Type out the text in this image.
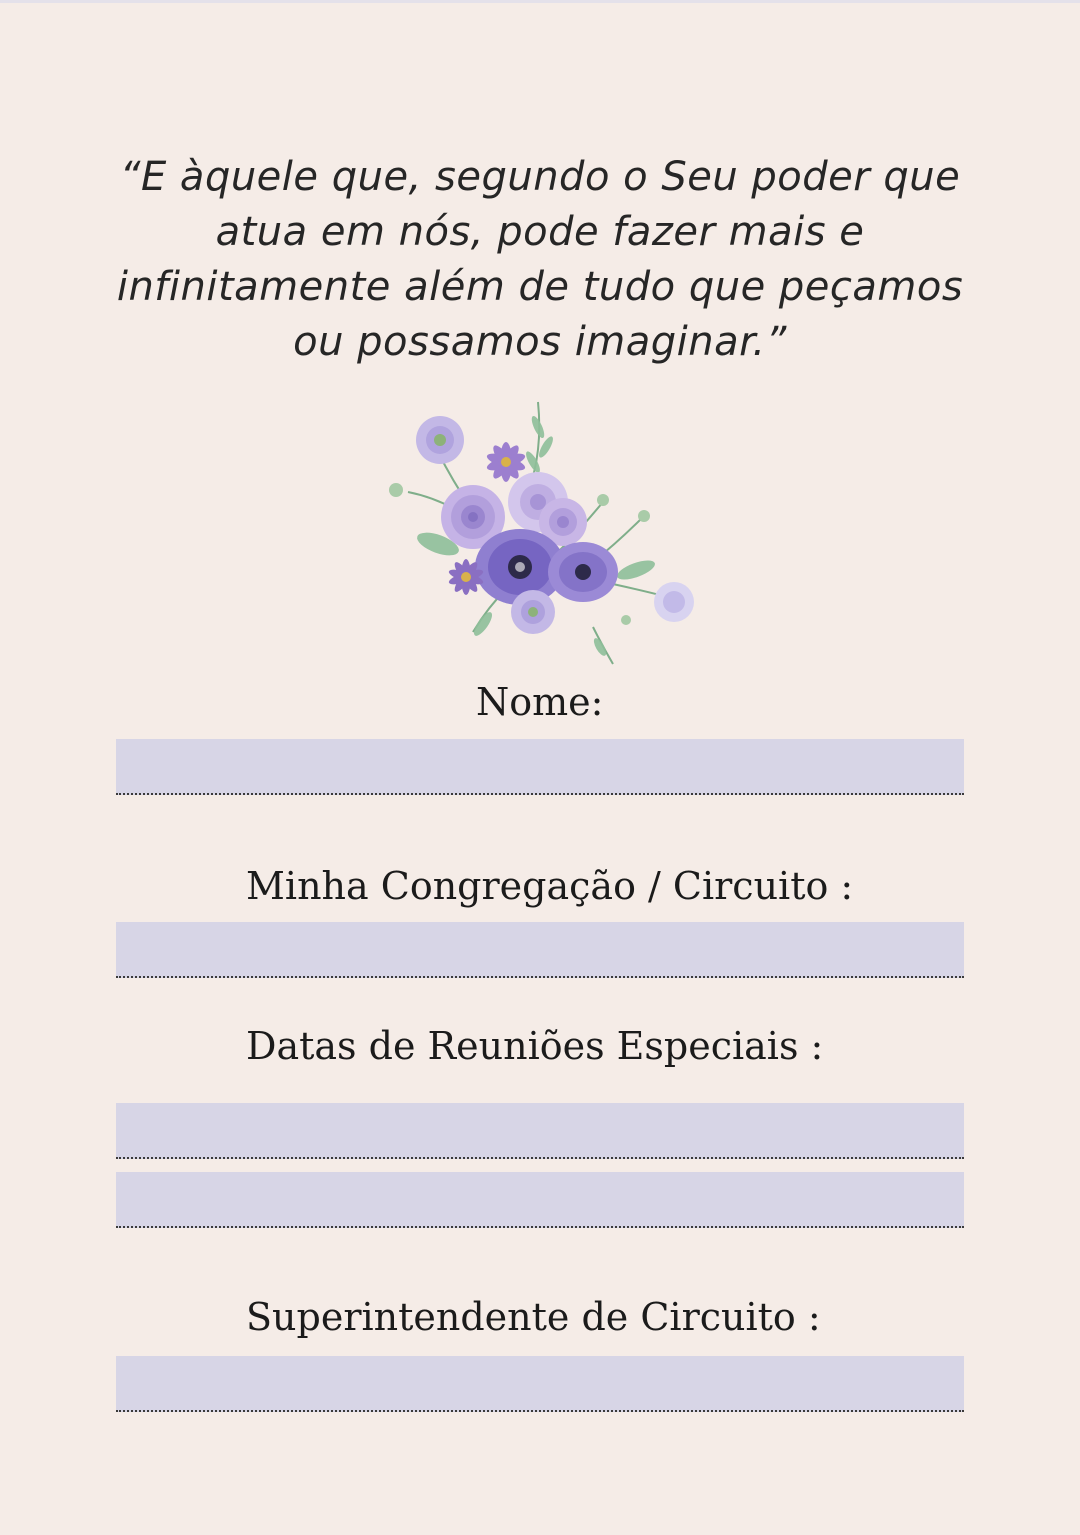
“E àquele que, segundo o Seu poder que
atua em nós, pode fazer mais e
infinitamente além de tudo que peçamos
ou possamos imaginar.”
Nome:
Minha Congregação / Circuito :
Datas de Reuniões Especiais :
Superintendente de Circuito :
